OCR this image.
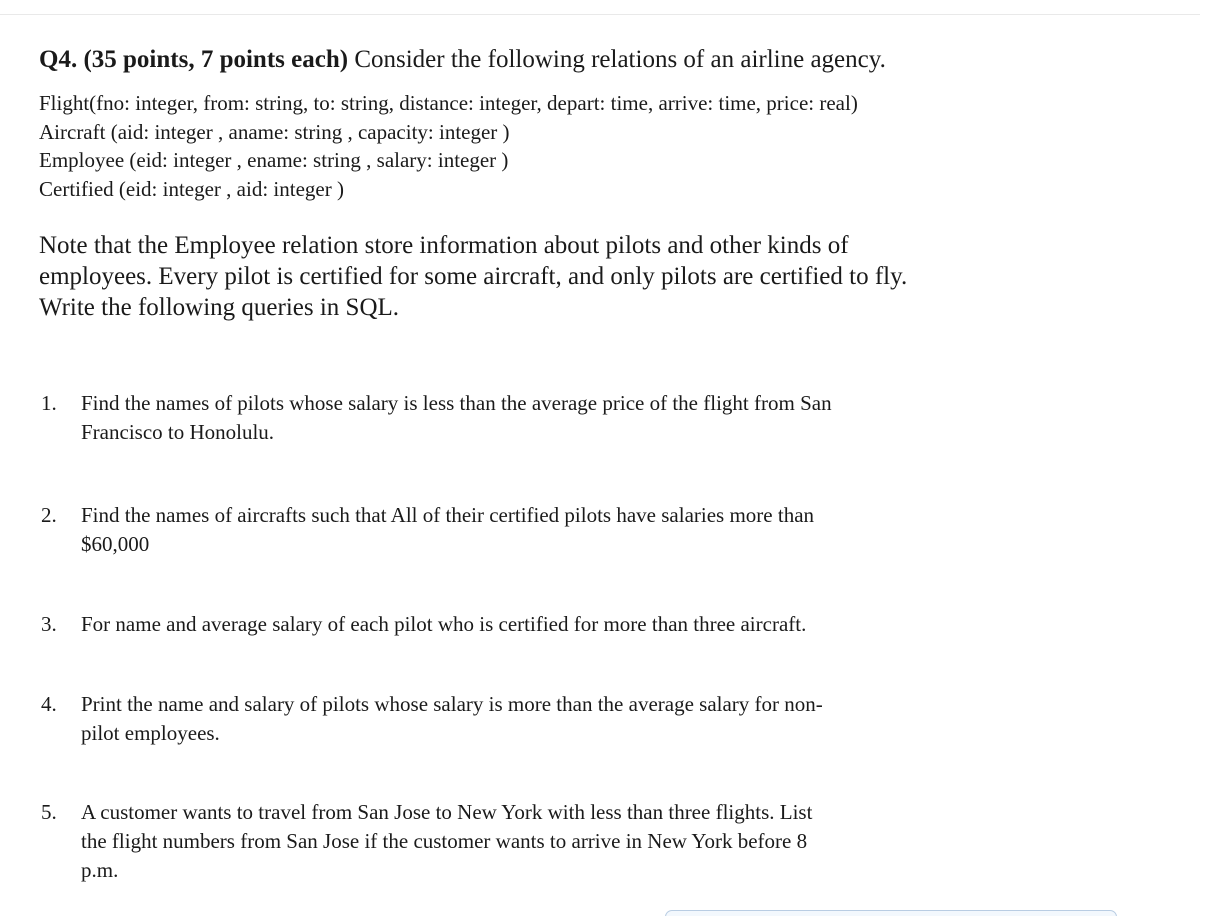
Q4. (35 points, 7 points each) Consider the following relations of an airline agency.

Flight(fno: integer, from: string, to: string, distance: integer, depart: time, arrive: time, price: real)
Aircraft (aid: integer , aname: string , capacity: integer )
Employee (eid: integer , ename: string , salary: integer )
Certified (eid: integer , aid: integer )
Note that the Employee relation store information about pilots and other kinds of
employees. Every pilot is certified for some aircraft, and only pilots are certified to fly.
Write the following queries in SQL.
1. Find the names of pilots whose salary is less than the average price of the flight from San
Francisco to Honolulu.
2. Find the names of aircrafts such that All of their certified pilots have salaries more than
$60,000
3. For name and average salary of each pilot who is certified for more than three aircraft.
4. Print the name and salary of pilots whose salary is more than the average salary for non-
pilot employees.
5. A customer wants to travel from San Jose to New York with less than three flights. List
the flight numbers from San Jose if the customer wants to arrive in New York before 8
p.m.
